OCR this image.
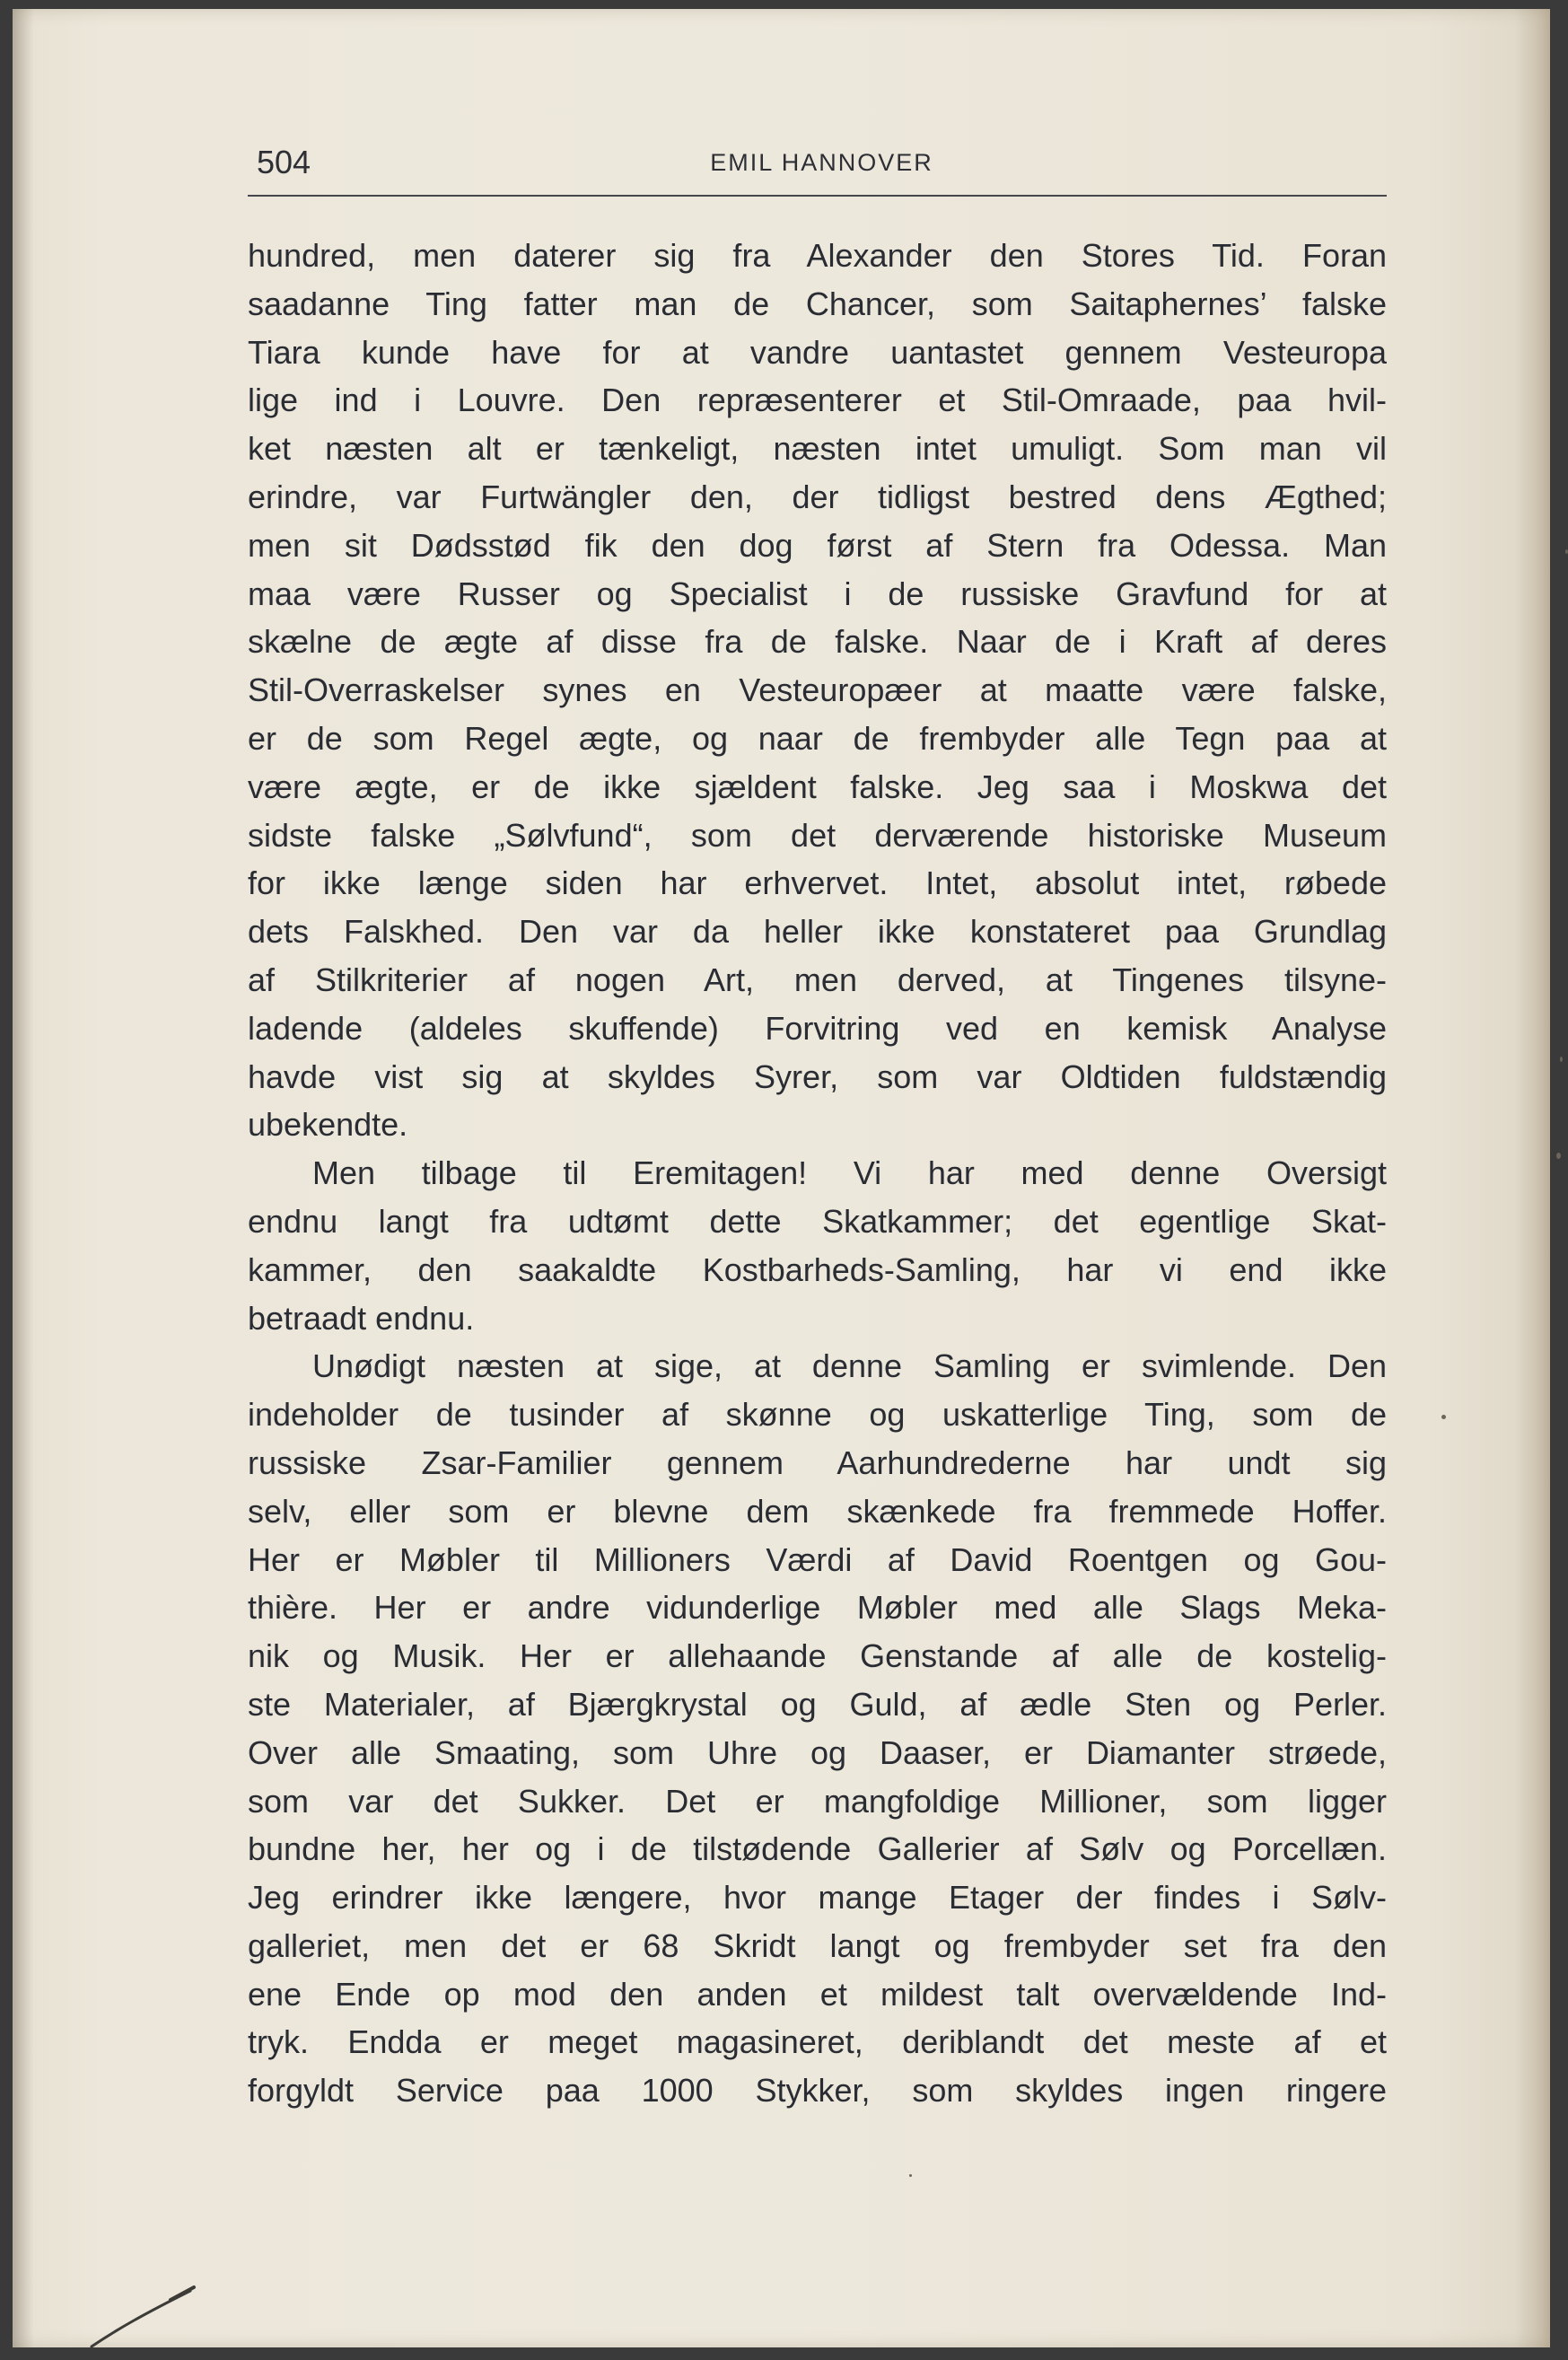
504	EMIL HANNOVER
hundred, men daterer sig fra Alexander den Stores Tid. Foran
saadanne Ting fatter man de Chancer, som Saitaphernes’ falske
Tiara kunde have for at vandre uantastet gennem Vesteuropa
lige ind i Louvre. Den repræsenterer et Stil-Omraade, paa hvil-
ket næsten alt er tænkeligt, næsten intet umuligt. Som man vil
erindre, var Furtwängler den, der tidligst bestred dens Ægthed;
men sit Dødsstød fik den dog først af Stern fra Odessa. Man
maa være Russer og Specialist i de russiske Gravfund for at
skælne de ægte af disse fra de falske. Naar de i Kraft af deres
Stil-Overraskelser synes en Vesteuropæer at maatte være falske,
er de som Regel ægte, og naar de frembyder alle Tegn paa at
være ægte, er de ikke sjældent falske. Jeg saa i Moskwa det
sidste falske „Sølvfund“, som det derværende historiske Museum
for ikke længe siden har erhvervet. Intet, absolut intet, røbede
dets Falskhed. Den var da heller ikke konstateret paa Grundlag
af Stilkriterier af nogen Art, men derved, at Tingenes tilsyne-
ladende (aldeles skuffende) Forvitring ved en kemisk Analyse
havde vist sig at skyldes Syrer, som var Oldtiden fuldstændig
ubekendte.
Men tilbage til Eremitagen! Vi har med denne Oversigt
endnu langt fra udtømt dette Skatkammer; det egentlige Skat-
kammer, den saakaldte Kostbarheds-Samling, har vi end ikke
betraadt endnu.
Unødigt næsten at sige, at denne Samling er svimlende. Den
indeholder de tusinder af skønne og uskatterlige Ting, som de
russiske Zsar-Familier gennem Aarhundrederne har undt sig
selv, eller som er blevne dem skænkede fra fremmede Hoffer.
Her er Møbler til Millioners Værdi af David Roentgen og Gou-
thière. Her er andre vidunderlige Møbler med alle Slags Meka-
nik og Musik. Her er allehaande Genstande af alle de kostelig-
ste Materialer, af Bjærgkrystal og Guld, af ædle Sten og Perler.
Over alle Smaating, som Uhre og Daaser, er Diamanter strøede,
som var det Sukker. Det er mangfoldige Millioner, som ligger
bundne her, her og i de tilstødende Gallerier af Sølv og Porcellæn.
Jeg erindrer ikke længere, hvor mange Etager der findes i Sølv-
galleriet, men det er 68 Skridt langt og frembyder set fra den
ene Ende op mod den anden et mildest talt overvældende Ind-
tryk. Endda er meget magasineret, deriblandt det meste af et
forgyldt Service paa 1000 Stykker, som skyldes ingen ringere
